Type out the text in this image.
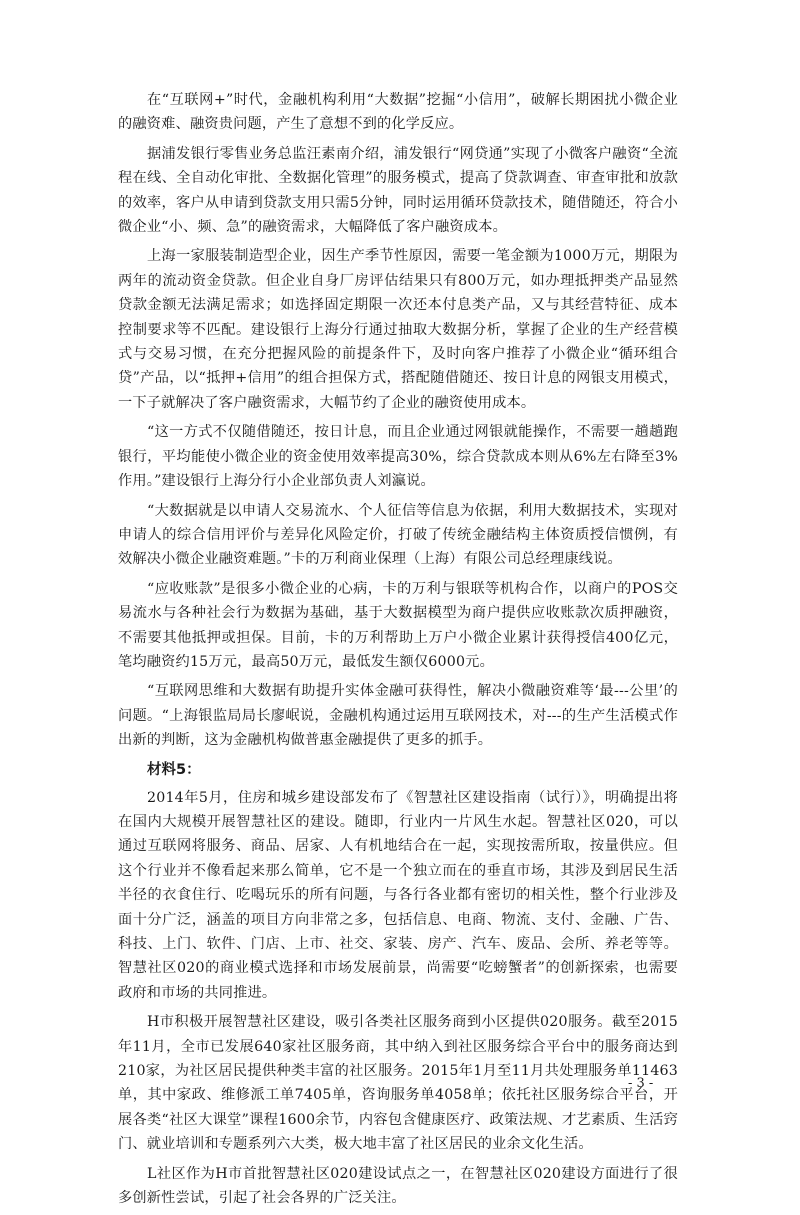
在“互联网+”时代，金融机构利用“大数据”挖掘“小信用”，破解长期困扰小微企业的融资难、融资贵问题，产生了意想不到的化学反应。

据浦发银行零售业务总监汪素南介绍，浦发银行“网贷通”实现了小微客户融资“全流程在线、全自动化审批、全数据化管理”的服务模式，提高了贷款调查、审查审批和放款的效率，客户从申请到贷款支用只需5分钟，同时运用循环贷款技术，随借随还，符合小微企业“小、频、急”的融资需求，大幅降低了客户融资成本。

上海一家服装制造型企业，因生产季节性原因，需要一笔金额为1000万元，期限为两年的流动资金贷款。但企业自身厂房评估结果只有800万元，如办理抵押类产品显然贷款金额无法满足需求；如选择固定期限一次还本付息类产品，又与其经营特征、成本控制要求等不匹配。建设银行上海分行通过抽取大数据分析，掌握了企业的生产经营模式与交易习惯，在充分把握风险的前提条件下，及时向客户推荐了小微企业“循环组合贷”产品，以“抵押+信用”的组合担保方式，搭配随借随还、按日计息的网银支用模式，一下子就解决了客户融资需求，大幅节约了企业的融资使用成本。

“这一方式不仅随借随还，按日计息，而且企业通过网银就能操作，不需要一趟趟跑银行，平均能使小微企业的资金使用效率提高30%，综合贷款成本则从6%左右降至3%作用。”建设银行上海分行小企业部负责人刘瀛说。

“大数据就是以申请人交易流水、个人征信等信息为依据，利用大数据技术，实现对申请人的综合信用评价与差异化风险定价，打破了传统金融结构主体资质授信惯例，有效解决小微企业融资难题。”卡的万利商业保理（上海）有限公司总经理康线说。

“应收账款”是很多小微企业的心病，卡的万利与银联等机构合作，以商户的POS交易流水与各种社会行为数据为基础，基于大数据模型为商户提供应收账款次质押融资，不需要其他抵押或担保。目前，卡的万利帮助上万户小微企业累计获得授信400亿元，笔均融资约15万元，最高50万元，最低发生额仅6000元。

“互联网思维和大数据有助提升实体金融可获得性，解决小微融资难等‘最---公里’的问题。“上海银监局局长廖岷说，金融机构通过运用互联网技术，对---的生产生活模式作出新的判断，这为金融机构做普惠金融提供了更多的抓手。

材料5：

2014年5月，住房和城乡建设部发布了《智慧社区建设指南（试行）》，明确提出将在国内大规模开展智慧社区的建设。随即，行业内一片风生水起。智慧社区020，可以通过互联网将服务、商品、居家、人有机地结合在一起，实现按需所取，按量供应。但这个行业并不像看起来那么简单，它不是一个独立而在的垂直市场，其涉及到居民生活半径的衣食住行、吃喝玩乐的所有问题，与各行各业都有密切的相关性，整个行业涉及面十分广泛，涵盖的项目方向非常之多，包括信息、电商、物流、支付、金融、广告、科技、上门、软件、门店、上市、社交、家装、房产、汽车、废品、会所、养老等等。智慧社区020的商业模式选择和市场发展前景，尚需要“吃螃蟹者”的创新探索，也需要政府和市场的共同推进。

H市积极开展智慧社区建设，吸引各类社区服务商到小区提供020服务。截至2015年11月，全市已发展640家社区服务商，其中纳入到社区服务综合平台中的服务商达到210家，为社区居民提供种类丰富的社区服务。2015年1月至11月共处理服务单11463单，其中家政、维修派工单7405单，咨询服务单4058单；依托社区服务综合平台，开展各类“社区大课堂”课程1600余节，内容包含健康医疗、政策法规、才艺素质、生活窍门、就业培训和专题系列六大类，极大地丰富了社区居民的业余文化生活。

L社区作为H市首批智慧社区020建设试点之一，在智慧社区020建设方面进行了很多创新性尝试，引起了社会各界的广泛关注。

- 3 -
